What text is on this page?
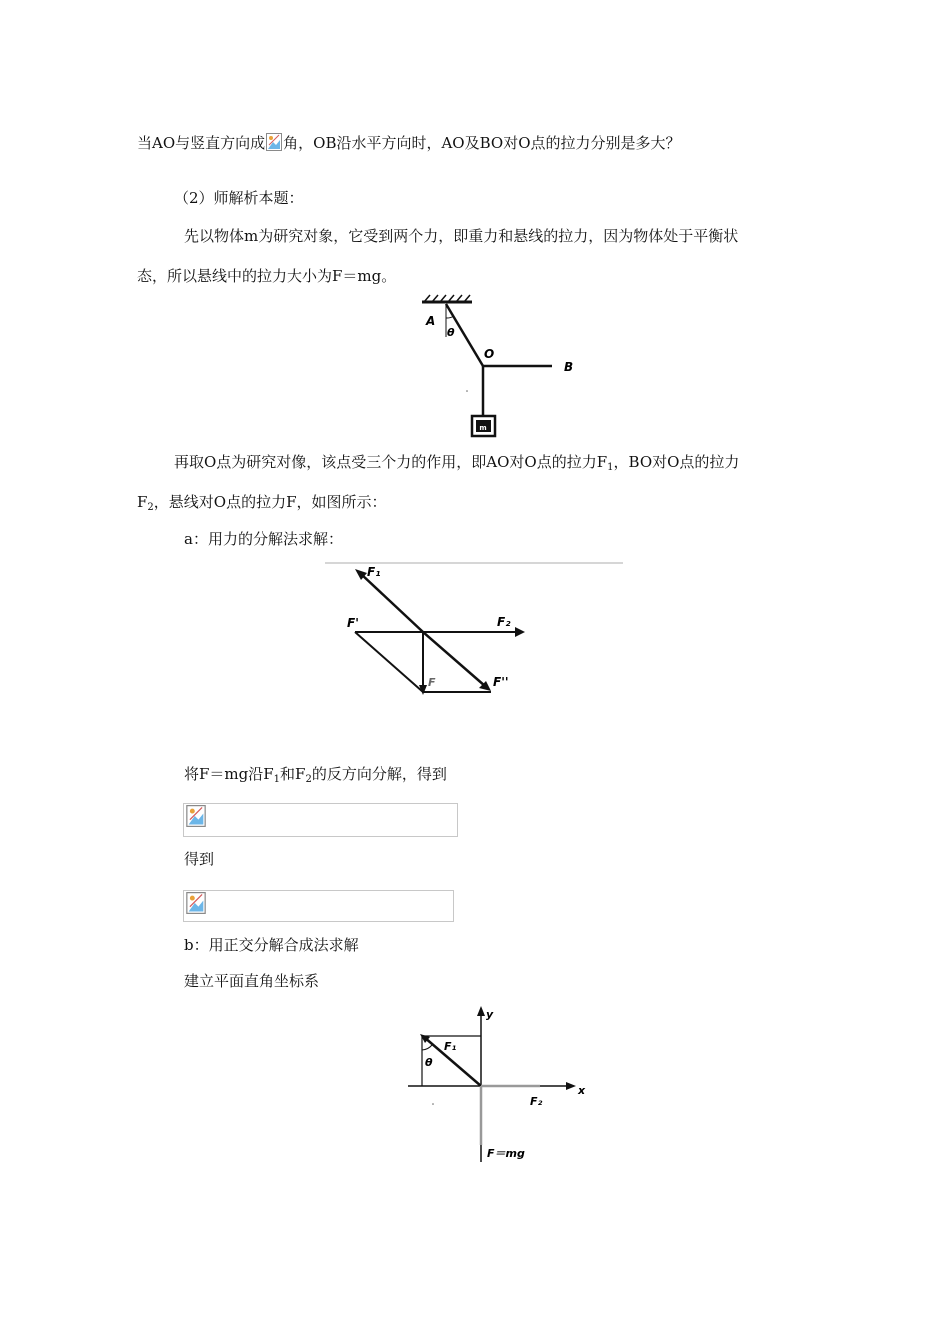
当AO与竖直方向成 角，OB沿水平方向时，AO及BO对O点的拉力分别是多大？
（2）师解析本题：
先以物体m为研究对象，它受到两个力，即重力和悬线的拉力，因为物体处于平衡状
态，所以悬线中的拉力大小为F＝mg。
m
A
θ
O
B
再取O点为研究对像，该点受三个力的作用，即AO对O点的拉力$F_1$，BO对O点的拉力
$F_2$，悬线对O点的拉力F，如图所示：
a：用力的分解法求解：
F₁
F₂
F'
F	F''
将F＝mg沿$F_1$和$F_2$的反方向分解，得到
得到
b：用正交分解合成法求解
建立平面直角坐标系
y
x
F₁
θ
F₂
F＝mg
